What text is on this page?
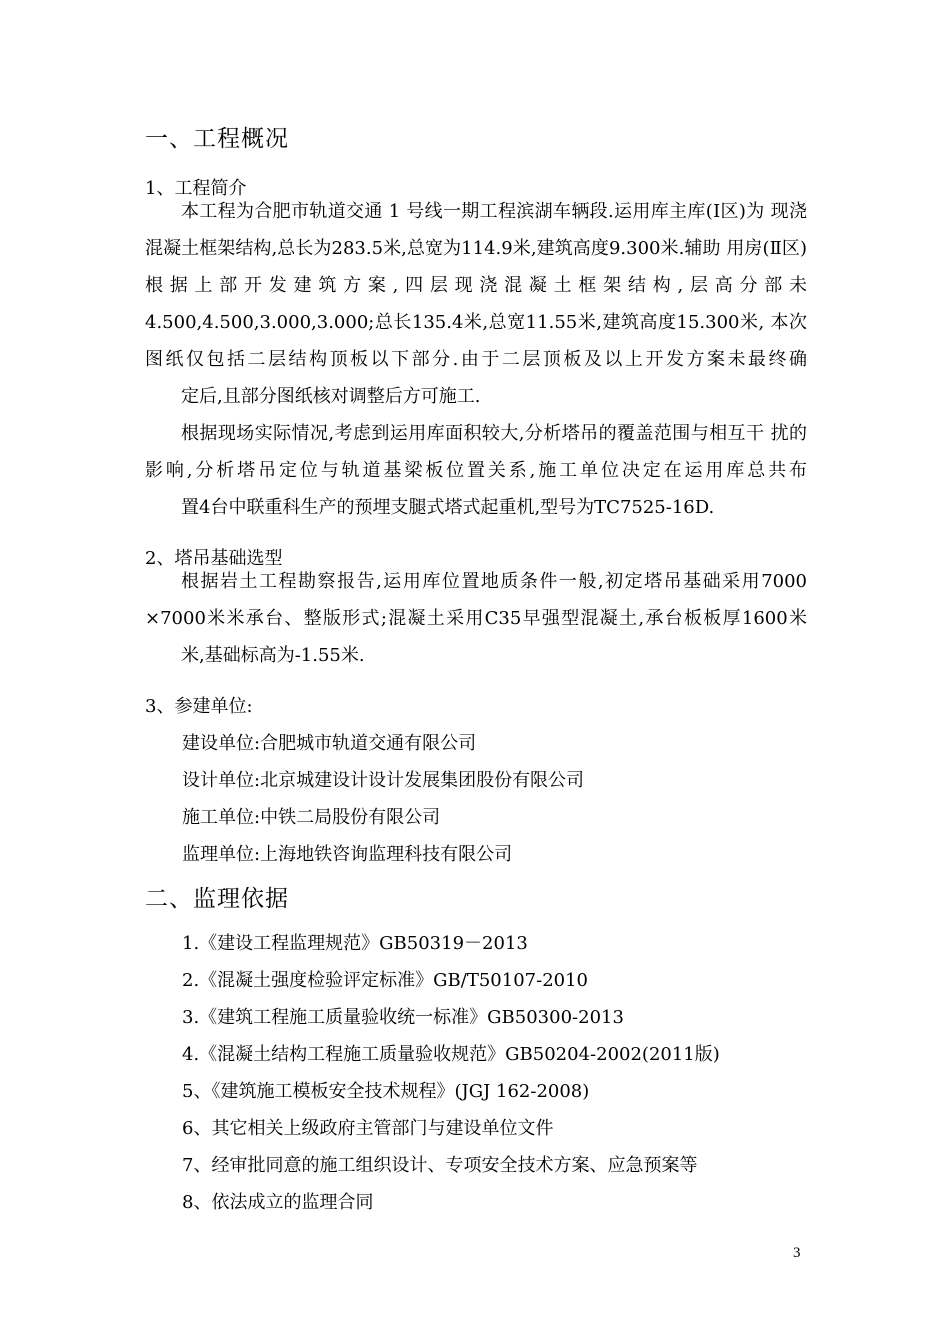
一、工程概况
1、工程简介
本工程为合肥市轨道交通 1 号线一期工程滨湖车辆段.运用库主库(Ⅰ区)为 现浇混凝土框架结构,总长为283.5米,总宽为114.9米,建筑高度9.300米.辅助 用房(Ⅱ区)根据上部开发建筑方案,四层现浇混凝土框架结构,层高分部未 4.500,4.500,3.000,3.000;总长135.4米,总宽11.55米,建筑高度15.300米, 本次图纸仅包括二层结构顶板以下部分.由于二层顶板及以上开发方案未最终确
定后,且部分图纸核对调整后方可施工.
根据现场实际情况,考虑到运用库面积较大,分析塔吊的覆盖范围与相互干 扰的影响,分析塔吊定位与轨道基梁板位置关系,施工单位决定在运用库总共布
置4台中联重科生产的预埋支腿式塔式起重机,型号为TC7525-16D.
2、塔吊基础选型
根据岩土工程勘察报告,运用库位置地质条件一般,初定塔吊基础采用7000 ×7000米米承台、整版形式;混凝土采用C35早强型混凝土,承台板板厚1600米
米,基础标高为-1.55米.
3、参建单位:
建设单位:合肥城市轨道交通有限公司
设计单位:北京城建设计设计发展集团股份有限公司
施工单位:中铁二局股份有限公司
监理单位:上海地铁咨询监理科技有限公司
二、监理依据
1.《建设工程监理规范》GB50319－2013
2.《混凝土强度检验评定标准》GB/T50107-2010
3.《建筑工程施工质量验收统一标准》GB50300-2013
4.《混凝土结构工程施工质量验收规范》GB50204-2002(2011版)
5、《建筑施工模板安全技术规程》(JGJ 162-2008)
6、其它相关上级政府主管部门与建设单位文件
7、经审批同意的施工组织设计、专项安全技术方案、应急预案等
8、依法成立的监理合同
3
